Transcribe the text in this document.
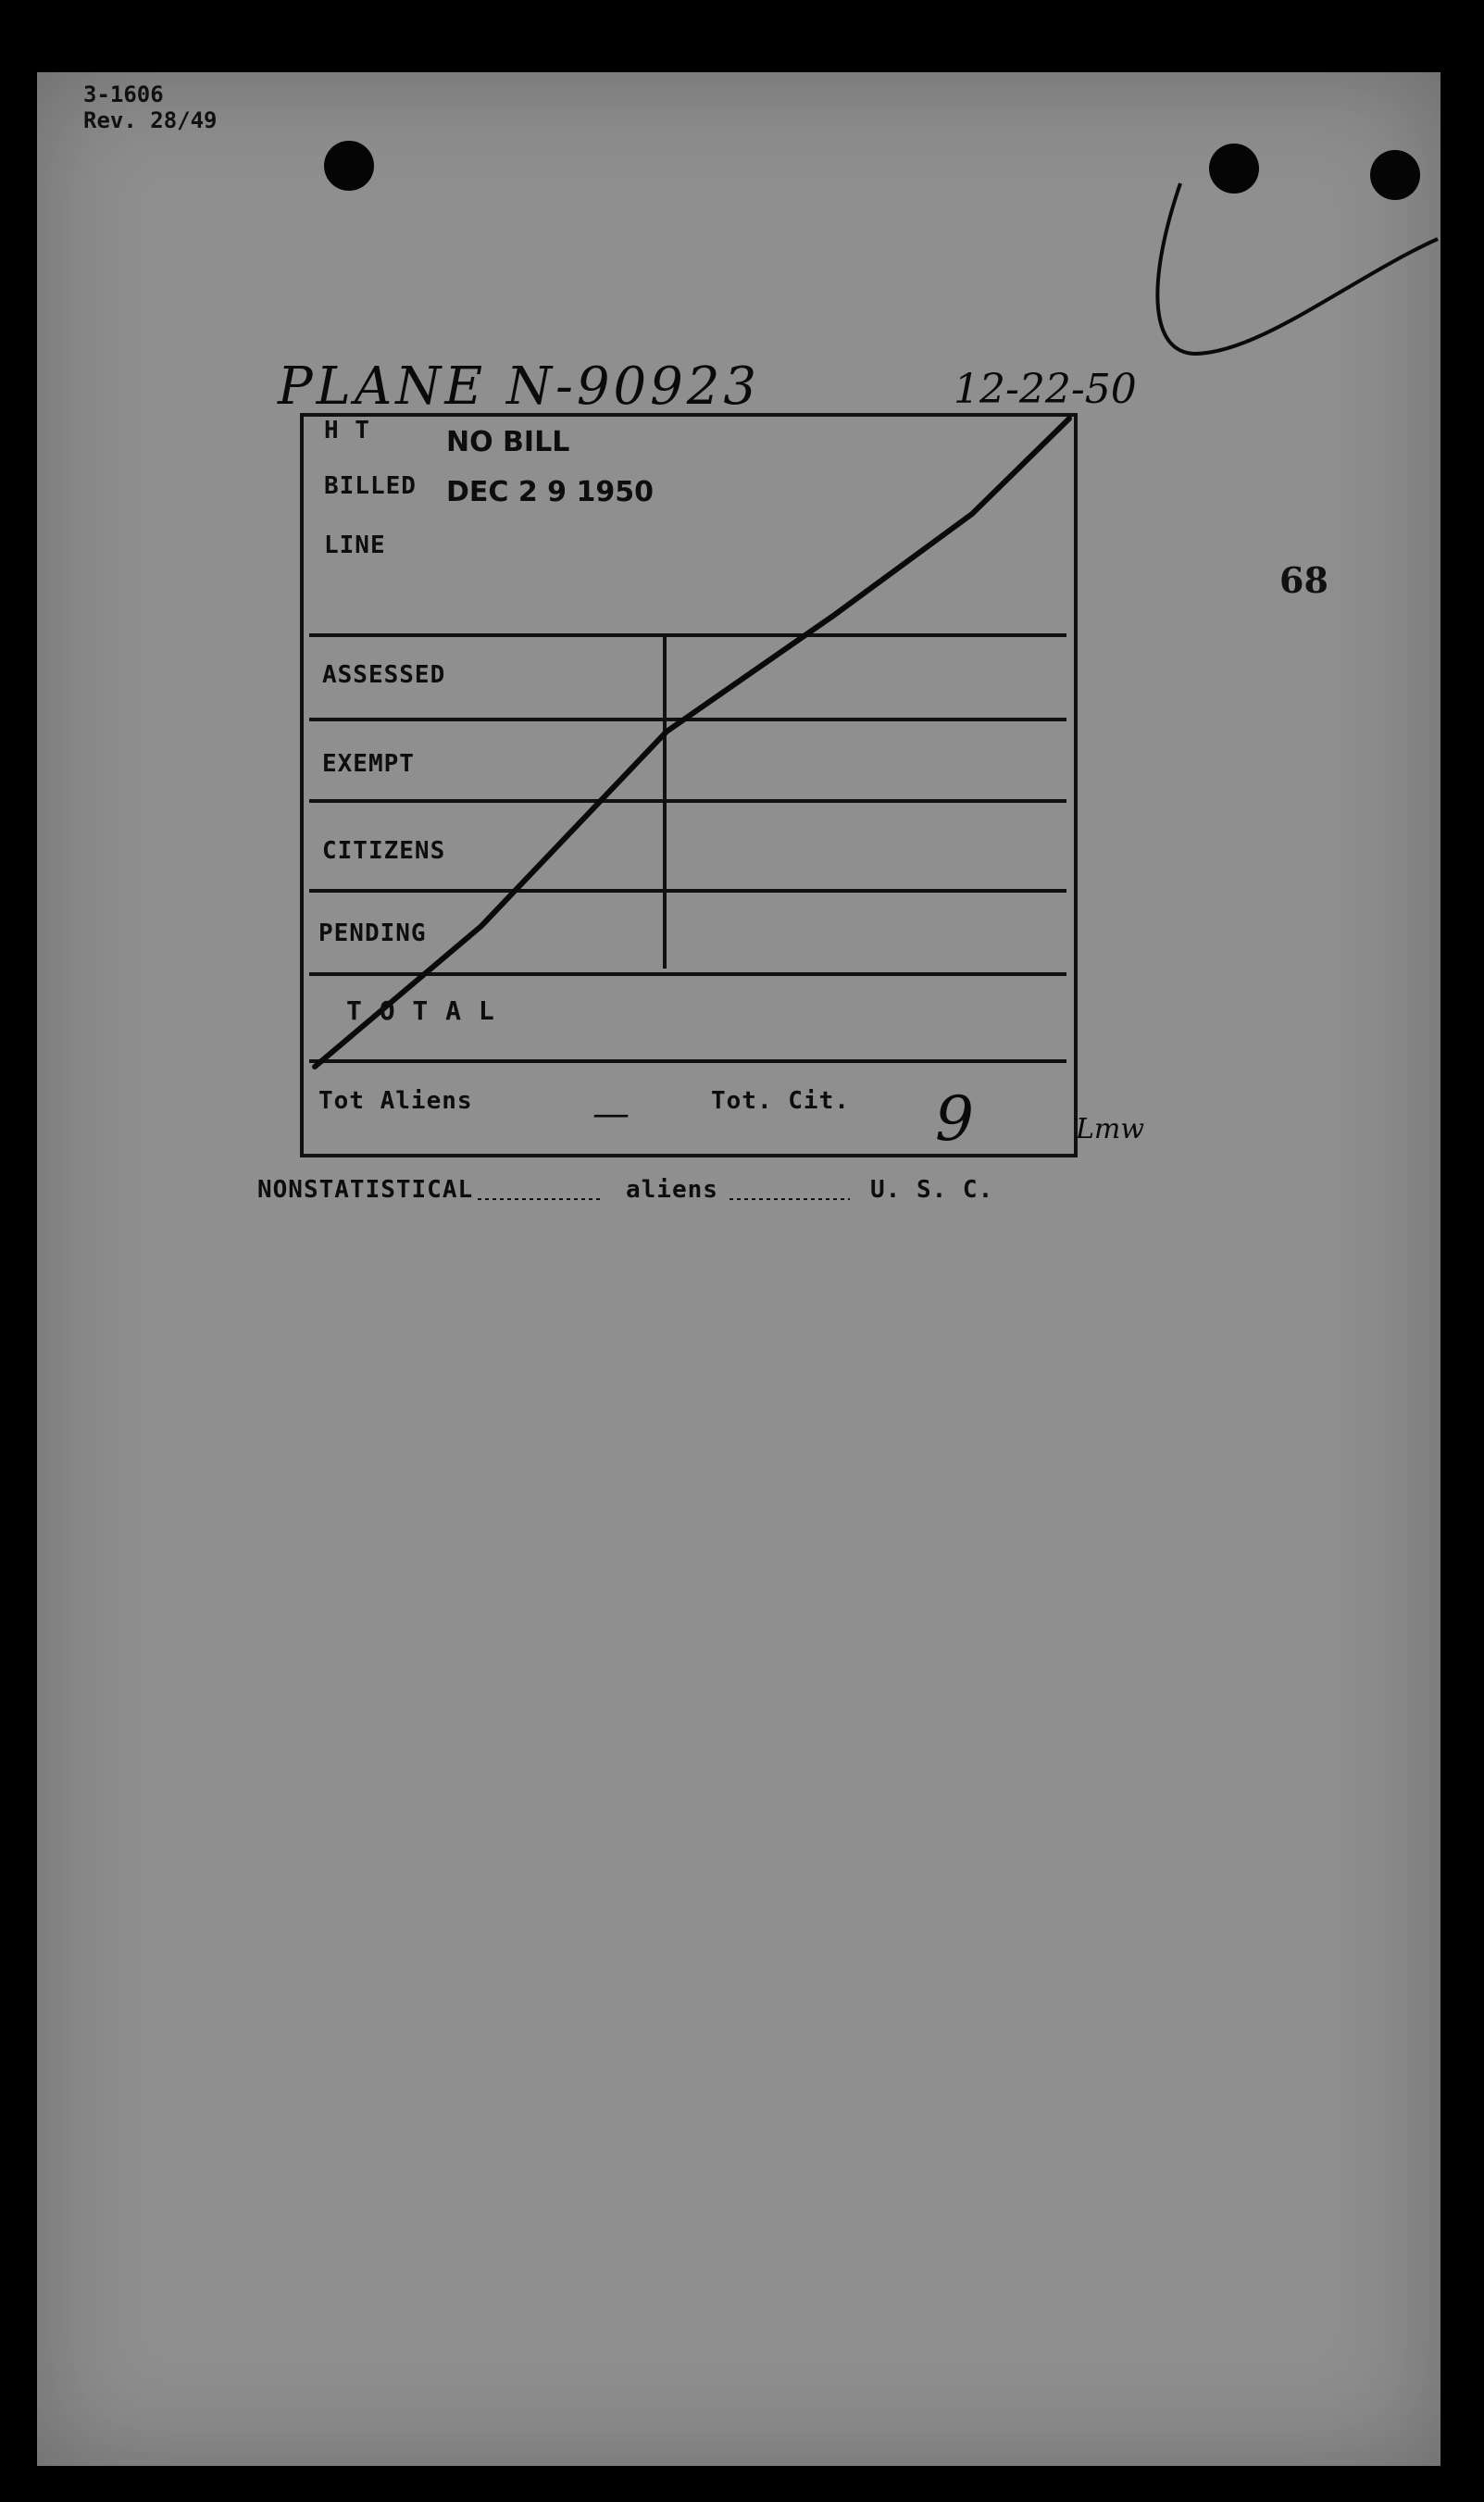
3-1606
Rev. 28/49
68
PLANE N-90923	12-22-50
H T	NO BILL
BILLED DEC 2 9 1950
LINE
ASSESSED
EXEMPT
CITIZENS
PENDING
T O T A L
Tot Aliens	—	Tot. Cit. 9	Lmw
NONSTATISTICAL	aliens	U. S. C.
